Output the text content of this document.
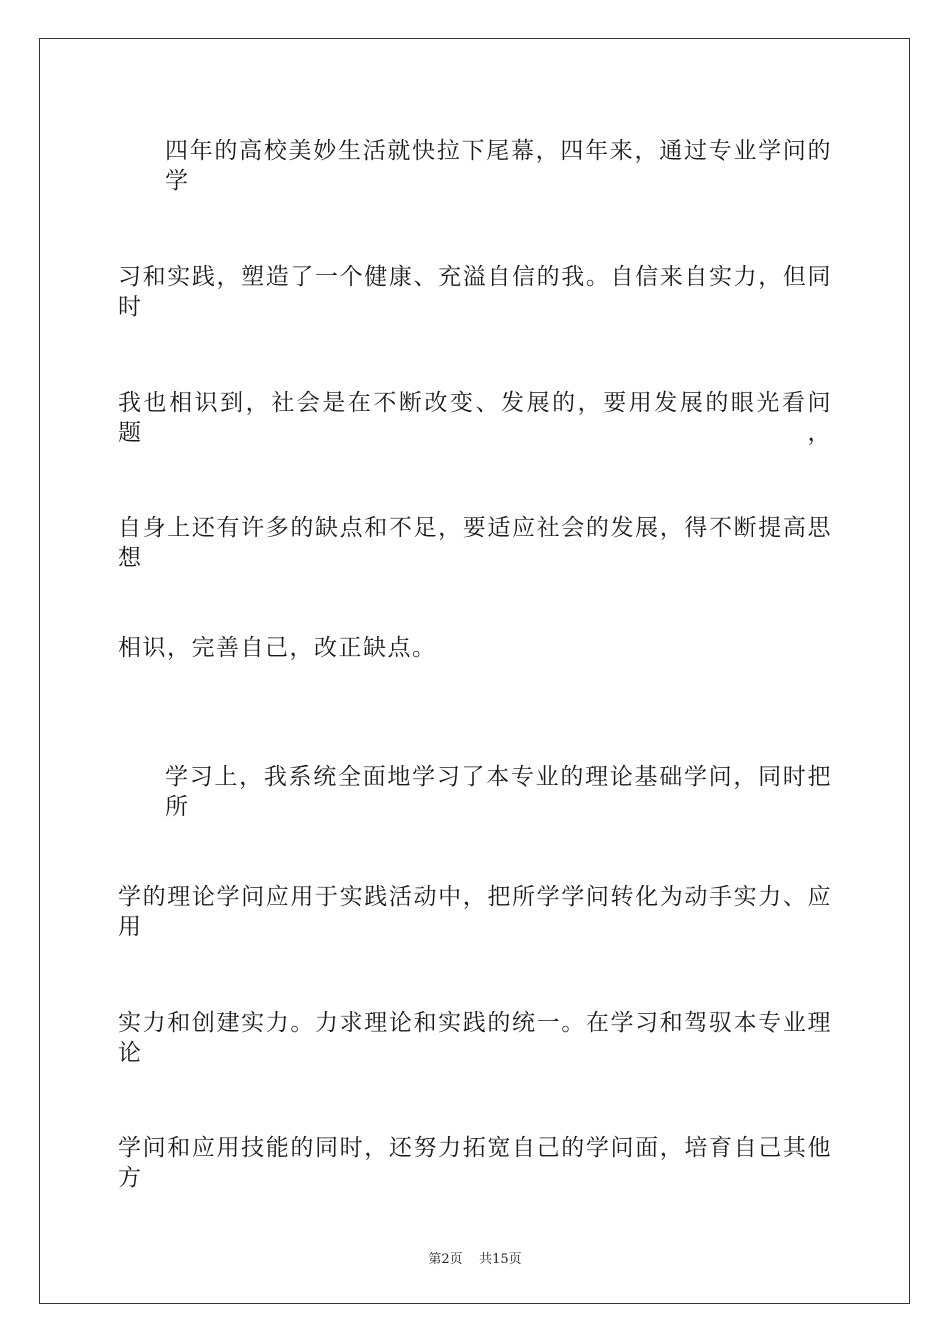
四年的高校美妙生活就快拉下尾幕，四年来，通过专业学问的学
习和实践，塑造了一个健康、充溢自信的我。自信来自实力，但同时
我也相识到，社会是在不断改变、发展的，要用发展的眼光看问题，
自身上还有许多的缺点和不足，要适应社会的发展，得不断提高思想
相识，完善自己，改正缺点。
学习上，我系统全面地学习了本专业的理论基础学问，同时把所
学的理论学问应用于实践活动中，把所学学问转化为动手实力、应用
实力和创建实力。力求理论和实践的统一。在学习和驾驭本专业理论
学问和应用技能的同时，还努力拓宽自己的学问面，培育自己其他方
第2页 共15页
